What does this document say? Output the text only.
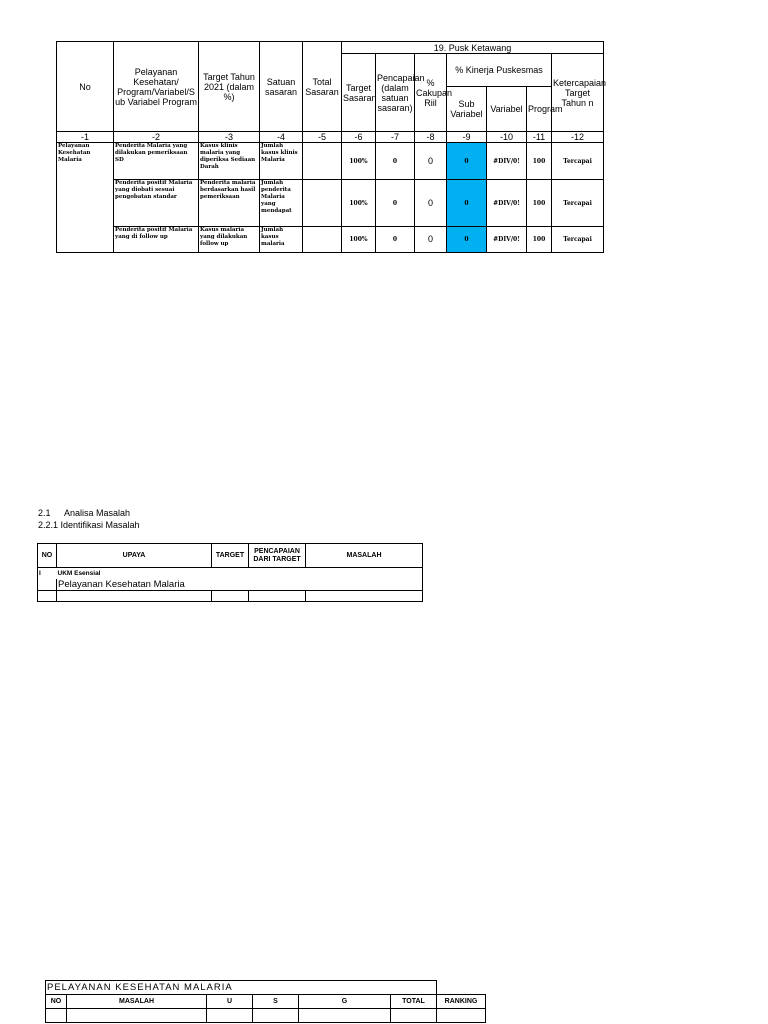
No	Pelayanan Kesehatan/ Program/Variabel/S ub Variabel Program	Target Tahun 2021 (dalam %)	Satuan sasaran	Total Sasaran	19. Pusk Ketawang						
					Target Sasaran	Pencapaian (dalam satuan sasaran)	% Cakupan Riil	% Kinerja Puskesmas			Ketercapaian Target Tahun n
								Sub Variabel	Variabel	Program	
-1	-2	-3	-4	-5	-6	-7	-8	-9	-10	-11	-12

Pelayanan Kesehatan Malaria	Penderita Malaria yang dilakukan pemeriksaan SD	Kasus klinis malaria yang diperiksa Sediaan Darah	Jumlah kasus klinis Malaria		100%	0	0	0	#DIV/0!	100	Tercapai

	Penderita positif Malaria yang diobati sesuai pengobatan standar	Penderita malaria berdasarkan hasil pemeriksaan	Jumlah penderita Malaria yang mendapat		100%	0	0	0	#DIV/0!	100	Tercapai

	Penderita positif Malaria yang di follow up	Kasus malaria yang dilakukan follow up	Jumlah kasus malaria		100%	0	0	0	#DIV/0!	100	Tercapai
2.1 Analisa Masalah
2.2.1 Identifikasi Masalah
NO	UPAYA	TARGET	PENCAPAIAN DARI TARGET	MASALAH
I	UKM Esensial			
	Pelayanan Kesehatan Malaria			

PELAYANAN KESEHATAN MALARIA						
NO	MASALAH	U	S	G	TOTAL	RANKING
